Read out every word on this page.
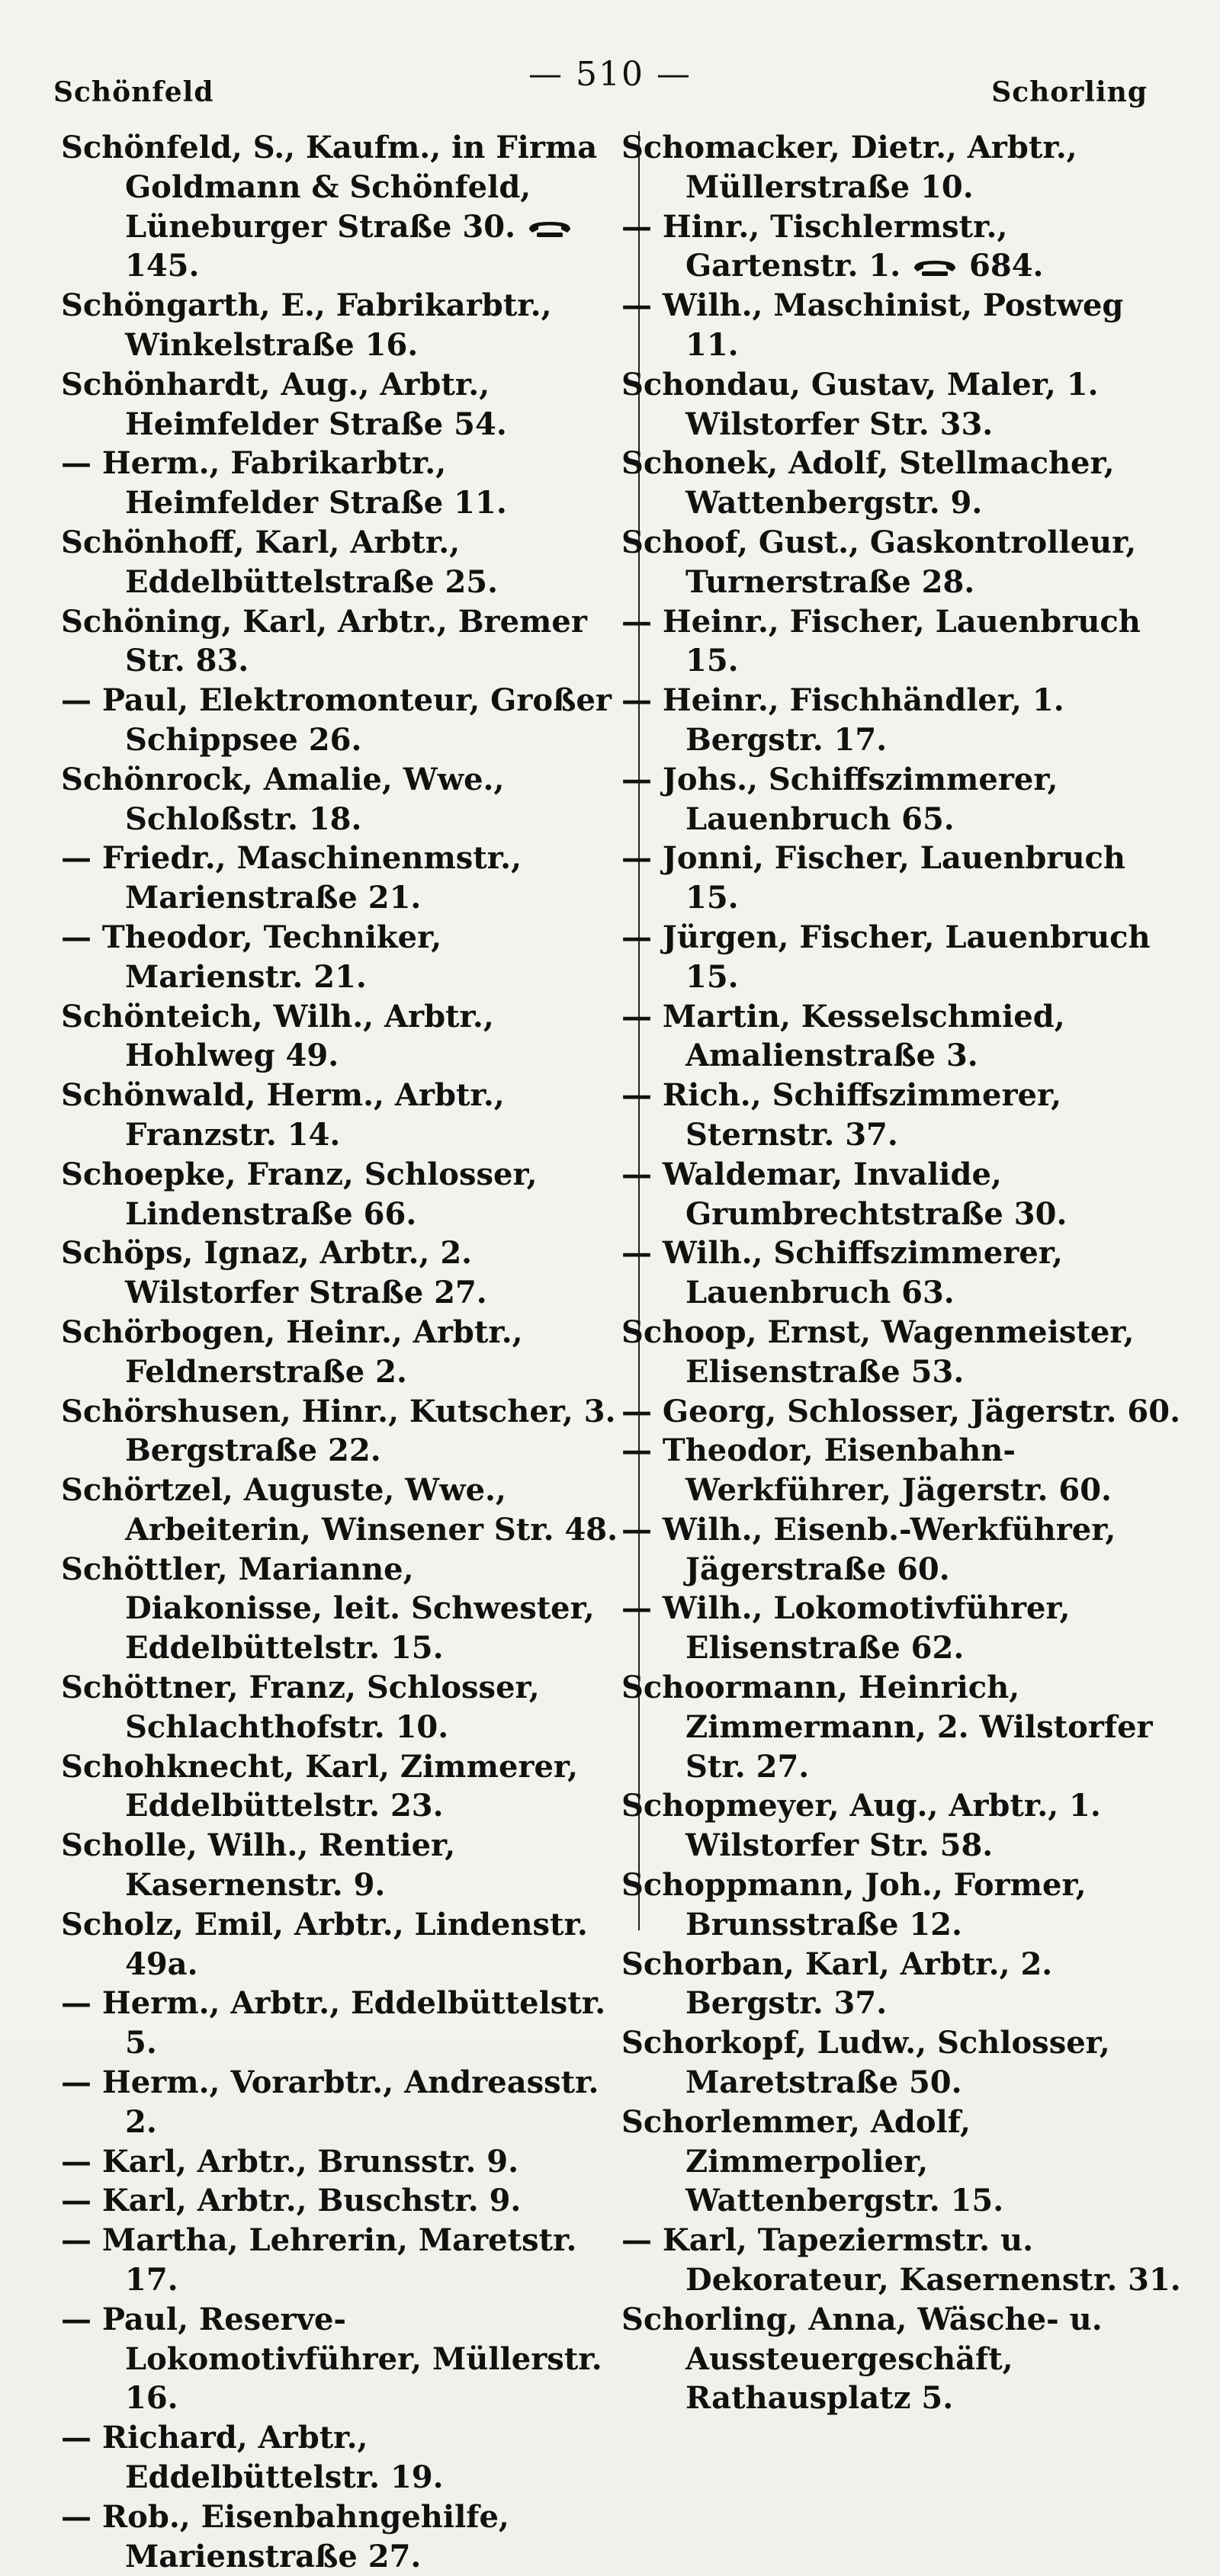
Schönfeld	— 510 —	Schorling

Schönfeld, S., Kaufm., in Firma Goldmann & Schönfeld, Lüneburger Straße 30.
145.

Schöngarth, E., Fabrikarbtr., Winkelstraße 16.

Schönhardt, Aug., Arbtr., Heimfelder Straße 54.

— Herm., Fabrikarbtr., Heimfelder Straße 11.

Schönhoff, Karl, Arbtr., Eddelbüttelstraße 25.

Schöning, Karl, Arbtr., Bremer Str. 83.

— Paul, Elektromonteur, Großer Schippsee 26.

Schönrock, Amalie, Wwe., Schloßstr. 18.

— Friedr., Maschinenmstr., Marienstraße 21.

— Theodor, Techniker, Marienstr. 21.

Schönteich, Wilh., Arbtr., Hohlweg 49.

Schönwald, Herm., Arbtr., Franzstr. 14.

Schoepke, Franz, Schlosser, Lindenstraße 66.

Schöps, Ignaz, Arbtr., 2. Wilstorfer Straße 27.

Schörbogen, Heinr., Arbtr., Feldnerstraße 2.

Schörshusen, Hinr., Kutscher, 3. Bergstraße 22.

Schörtzel, Auguste, Wwe., Arbeiterin, Winsener Str. 48.

Schöttler, Marianne, Diakonisse, leit. Schwester, Eddelbüttelstr. 15.

Schöttner, Franz, Schlosser, Schlachthofstr. 10.

Schohknecht, Karl, Zimmerer, Eddelbüttelstr. 23.

Scholle, Wilh., Rentier, Kasernenstr. 9.

Scholz, Emil, Arbtr., Lindenstr. 49a.

— Herm., Arbtr., Eddelbüttelstr. 5.

— Herm., Vorarbtr., Andreasstr. 2.

— Karl, Arbtr., Brunsstr. 9.

— Karl, Arbtr., Buschstr. 9.

— Martha, Lehrerin, Maretstr. 17.

— Paul, Reserve-Lokomotivführer, Müllerstr. 16.

— Richard, Arbtr., Eddelbüttelstr. 19.

— Rob., Eisenbahngehilfe, Marienstraße 27.

Schomacker, Dietr., Arbtr., Müllerstraße 10.

— Hinr., Tischlermstr., Gartenstr. 1. 684.

— Wilh., Maschinist, Postweg 11.

Schondau, Gustav, Maler, 1. Wilstorfer Str. 33.

Schonek, Adolf, Stellmacher, Wattenbergstr. 9.

Schoof, Gust., Gaskontrolleur, Turnerstraße 28.

— Heinr., Fischer, Lauenbruch 15.

— Heinr., Fischhändler, 1. Bergstr. 17.

— Johs., Schiffszimmerer, Lauenbruch 65.

— Jonni, Fischer, Lauenbruch 15.

— Jürgen, Fischer, Lauenbruch 15.

— Martin, Kesselschmied, Amalienstraße 3.

— Rich., Schiffszimmerer, Sternstr. 37.

— Waldemar, Invalide, Grumbrechtstraße 30.

— Wilh., Schiffszimmerer, Lauenbruch 63.

Schoop, Ernst, Wagenmeister, Elisenstraße 53.

— Georg, Schlosser, Jägerstr. 60.

— Theodor, Eisenbahn-Werkführer, Jägerstr. 60.

— Wilh., Eisenb.-Werkführer, Jägerstraße 60.

— Wilh., Lokomotivführer, Elisenstraße 62.

Schoormann, Heinrich, Zimmermann, 2. Wilstorfer Str. 27.

Schopmeyer, Aug., Arbtr., 1. Wilstorfer Str. 58.

Schoppmann, Joh., Former, Brunsstraße 12.

Schorban, Karl, Arbtr., 2. Bergstr. 37.

Schorkopf, Ludw., Schlosser, Maretstraße 50.

Schorlemmer, Adolf, Zimmerpolier, Wattenbergstr. 15.

— Karl, Tapeziermstr. u. Dekorateur, Kasernenstr. 31.

Schorling, Anna, Wäsche- u. Aussteuergeschäft, Rathausplatz 5.
